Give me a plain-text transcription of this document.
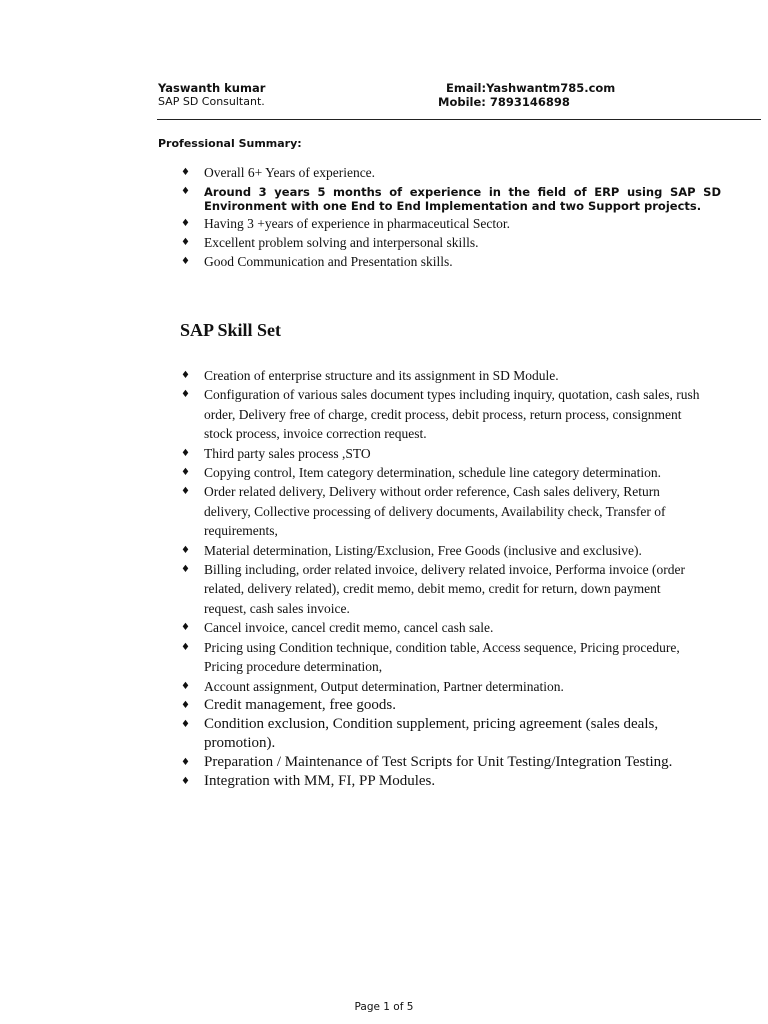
Yaswanth kumar
SAP SD Consultant.
Email:Yashwantm785.com
Mobile: 7893146898
Professional Summary:
♦ Overall 6+ Years of experience.
♦ Around 3 years 5 months of experience in the field of ERP using SAP SD Environment with one End to End Implementation and two Support projects.
♦ Having 3 +years of experience in pharmaceutical Sector.
♦ Excellent problem solving and interpersonal skills.
♦ Good Communication and Presentation skills.
SAP Skill Set
♦ Creation of enterprise structure and its assignment in SD Module.
♦ Configuration of various sales document types including inquiry, quotation, cash sales, rush order, Delivery free of charge, credit process, debit process, return process, consignment stock process, invoice correction request.
♦ Third party sales process ,STO
♦ Copying control, Item category determination, schedule line category determination.
♦ Order related delivery, Delivery without order reference, Cash sales delivery, Return delivery, Collective processing of delivery documents, Availability check, Transfer of requirements,
♦ Material determination, Listing/Exclusion, Free Goods (inclusive and exclusive).
♦ Billing including, order related invoice, delivery related invoice, Performa invoice (order related, delivery related), credit memo, debit memo, credit for return, down payment request, cash sales invoice.
♦ Cancel invoice, cancel credit memo, cancel cash sale.
♦ Pricing using Condition technique, condition table, Access sequence, Pricing procedure, Pricing procedure determination,
♦ Account assignment, Output determination, Partner determination.
♦ Credit management, free goods.
♦ Condition exclusion, Condition supplement, pricing agreement (sales deals, promotion).
♦ Preparation / Maintenance of Test Scripts for Unit Testing/Integration Testing.
♦ Integration with MM, FI, PP Modules.
Page 1 of 5
